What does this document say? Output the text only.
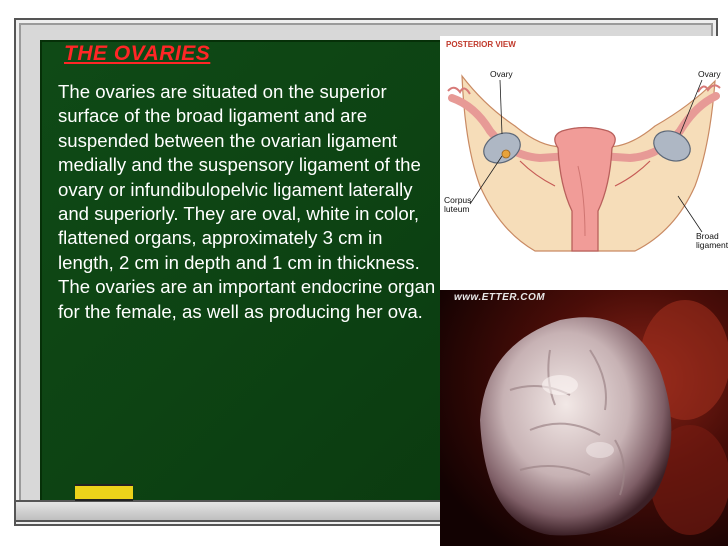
THE OVARIES
The ovaries are situated on the superior surface of the broad ligament and are suspended between the ovarian ligament medially and the suspensory ligament of the ovary or infundibulopelvic ligament laterally and superiorly. They are oval, white in color, flattened organs, approximately 3 cm in length, 2 cm in depth and 1 cm in thickness. The ovaries are an important endocrine organ for the female, as well as producing her ova.
POSTERIOR VIEW
Ovary	Ovary
Corpus
luteum
Broad
ligament
www.ETTER.COM
